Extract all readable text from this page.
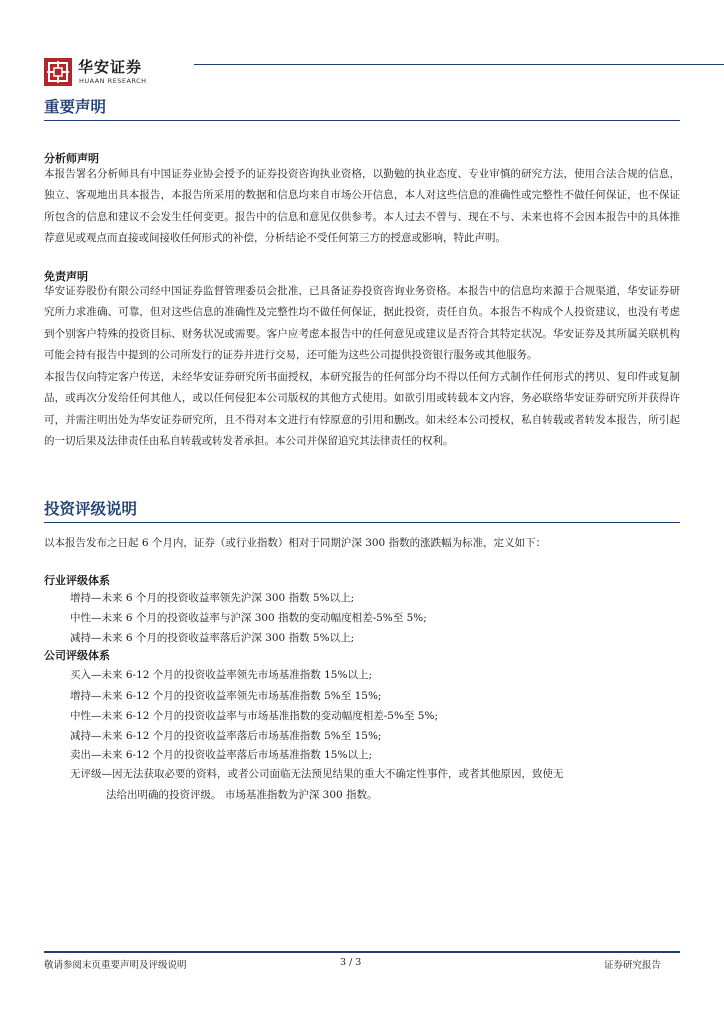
华安证券
HUAAN RESEARCH
重要声明
分析师声明
本报告署名分析师具有中国证券业协会授予的证券投资咨询执业资格，以勤勉的执业态度、专业审慎的研究方法，使用合法合规的信息，独立、客观地出具本报告，本报告所采用的数据和信息均来自市场公开信息，本人对这些信息的准确性或完整性不做任何保证，也不保证所包含的信息和建议不会发生任何变更。报告中的信息和意见仅供参考。本人过去不曾与、现在不与、未来也将不会因本报告中的具体推荐意见或观点而直接或间接收任何形式的补偿，分析结论不受任何第三方的授意或影响，特此声明。
免责声明
华安证券股份有限公司经中国证券监督管理委员会批准，已具备证券投资咨询业务资格。本报告中的信息均来源于合规渠道，华安证券研究所力求准确、可靠，但对这些信息的准确性及完整性均不做任何保证，据此投资，责任自负。本报告不构成个人投资建议，也没有考虑到个别客户特殊的投资目标、财务状况或需要。客户应考虑本报告中的任何意见或建议是否符合其特定状况。华安证券及其所属关联机构可能会持有报告中提到的公司所发行的证券并进行交易，还可能为这些公司提供投资银行服务或其他服务。
本报告仅向特定客户传送，未经华安证券研究所书面授权，本研究报告的任何部分均不得以任何方式制作任何形式的拷贝、复印件或复制品，或再次分发给任何其他人，或以任何侵犯本公司版权的其他方式使用。如欲引用或转载本文内容，务必联络华安证券研究所并获得许可，并需注明出处为华安证券研究所，且不得对本文进行有悖原意的引用和删改。如未经本公司授权，私自转载或者转发本报告，所引起的一切后果及法律责任由私自转载或转发者承担。本公司并保留追究其法律责任的权利。
投资评级说明
以本报告发布之日起 6 个月内，证券（或行业指数）相对于同期沪深 300 指数的涨跌幅为标准，定义如下：
行业评级体系
增持—未来 6 个月的投资收益率领先沪深 300 指数 5%以上;
中性—未来 6 个月的投资收益率与沪深 300 指数的变动幅度相差-5%至 5%;
减持—未来 6 个月的投资收益率落后沪深 300 指数 5%以上;
公司评级体系
买入—未来 6-12 个月的投资收益率领先市场基准指数 15%以上;
增持—未来 6-12 个月的投资收益率领先市场基准指数 5%至 15%;
中性—未来 6-12 个月的投资收益率与市场基准指数的变动幅度相差-5%至 5%;
减持—未来 6-12 个月的投资收益率落后市场基准指数 5%至 15%;
卖出—未来 6-12 个月的投资收益率落后市场基准指数 15%以上;
无评级—因无法获取必要的资料，或者公司面临无法预见结果的重大不确定性事件，或者其他原因，致使无
法给出明确的投资评级。 市场基准指数为沪深 300 指数。
敬请参阅末页重要声明及评级说明	3 / 3	证券研究报告
